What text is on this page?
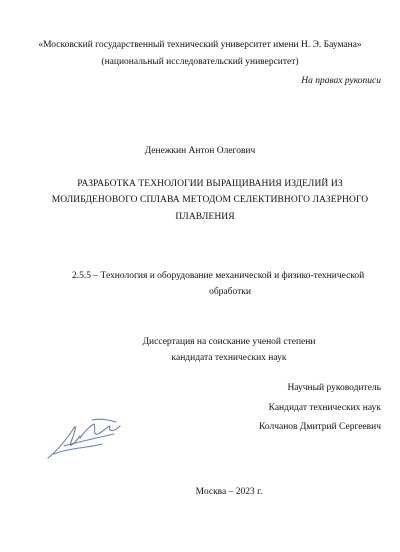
«Московский государственный технический университет имени Н. Э. Баумана»
(национальный исследовательский университет)
На правах рукописи
Денежкин Антон Олегович
РАЗРАБОТКА ТЕХНОЛОГИИ ВЫРАЩИВАНИЯ ИЗДЕЛИЙ ИЗ
МОЛИБДЕНОВОГО СПЛАВА МЕТОДОМ СЕЛЕКТИВНОГО ЛАЗЕРНОГО
ПЛАВЛЕНИЯ
2.5.5 – Технология и оборудование механической и физико-технической
обработки
Диссертация на соискание ученой степени
кандидата технических наук
Научный руководитель
Кандидат технических наук
Колчанов Дмитрий Сергеевич
Москва – 2023 г.
